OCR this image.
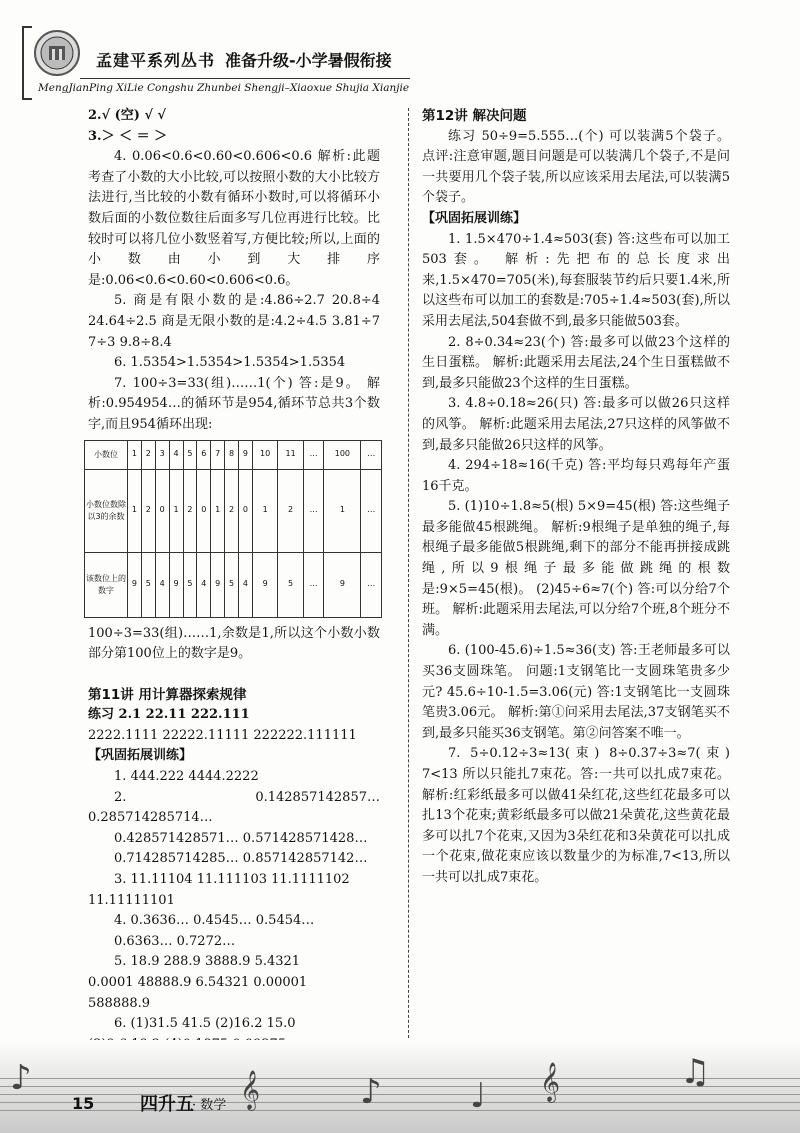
孟建平系列丛书 准备升级-小学暑假衔接
MengJianPing XiLie Congshu Zhunbei Shengji–Xiaoxue Shujia Xianjie

2.√ (空) √ √

3.＞ ＜ ＝ ＞

4. 0.06<0.6<0.60<0.606<0.6 解析:此题考查了小数的大小比较,可以按照小数的大小比较方法进行,当比较的小数有循环小数时,可以将循环小数后面的小数位数往后面多写几位再进行比较。比较时可以将几位小数竖着写,方便比较;所以,上面的小数由小到大排序是:0.06<0.6<0.60<0.606<0.6。

5. 商是有限小数的是:4.86÷2.7 20.8÷4 24.64÷2.5 商是无限小数的是:4.2÷4.5 3.81÷7 7÷3 9.8÷8.4

6. 1.5354>1.5354>1.5354>1.5354

7. 100÷3=33(组)……1(个) 答:是9。 解析:0.954954…的循环节是954,循环节总共3个数字,而且954循环出现:

小数位	1	2	3	4	5	6	7	8	9	10	11	…	100	…
小数位数除以3的余数	1	2	0	1	2	0	1	2	0	1	2	…	1	…
该数位上的数字	9	5	4	9	5	4	9	5	4	9	5	…	9	…

100÷3=33(组)……1,余数是1,所以这个小数小数部分第100位上的数字是9。

第11讲 用计算器探索规律

练习 2.1 22.11 222.111

2222.1111 22222.11111 222222.111111

【巩固拓展训练】

1. 444.222 4444.2222

2. 0.142857142857… 0.285714285714…

0.428571428571… 0.571428571428…

0.714285714285… 0.857142857142…

3. 11.11104 11.111103 11.1111102

11.11111101

4. 0.3636… 0.4545… 0.5454…

0.6363… 0.7272…

5. 18.9 288.9 3888.9 5.4321

0.0001 48888.9 6.54321 0.00001

588888.9

6. (1)31.5 41.5 (2)16.2 15.0

第12讲 解决问题

练习 50÷9=5.555…(个) 可以装满5个袋子。 点评:注意审题,题目问题是可以装满几个袋子,不是问一共要用几个袋子装,所以应该采用去尾法,可以装满5个袋子。

【巩固拓展训练】

1. 1.5×470÷1.4≈503(套) 答:这些布可以加工503套。 解析:先把布的总长度求出来,1.5×470=705(米),每套服装节约后只要1.4米,所以这些布可以加工的套数是:705÷1.4≈503(套),所以采用去尾法,504套做不到,最多只能做503套。

2. 8÷0.34≈23(个) 答:最多可以做23个这样的生日蛋糕。 解析:此题采用去尾法,24个生日蛋糕做不到,最多只能做23个这样的生日蛋糕。

3. 4.8÷0.18≈26(只) 答:最多可以做26只这样的风筝。 解析:此题采用去尾法,27只这样的风筝做不到,最多只能做26只这样的风筝。

4. 294÷18≈16(千克) 答:平均每只鸡每年产蛋16千克。

5. (1)10÷1.8≈5(根) 5×9=45(根) 答:这些绳子最多能做45根跳绳。 解析:9根绳子是单独的绳子,每根绳子最多能做5根跳绳,剩下的部分不能再拼接成跳绳,所以9根绳子最多能做跳绳的根数是:9×5=45(根)。 (2)45÷6≈7(个) 答:可以分给7个班。 解析:此题采用去尾法,可以分给7个班,8个班分不满。

6. (100-45.6)÷1.5≈36(支) 答:王老师最多可以买36支圆珠笔。 问题:1支钢笔比一支圆珠笔贵多少元? 45.6÷10-1.5=3.06(元) 答:1支钢笔比一支圆珠笔贵3.06元。 解析:第①问采用去尾法,37支钢笔买不到,最多只能买36支钢笔。第②问答案不唯一。

7. 5÷0.12÷3≈13(束) 8÷0.37÷3≈7(束) 7<13 所以只能扎7束花。答:一共可以扎成7束花。 解析:红彩纸最多可以做41朵红花,这些红花最多可以扎13个花束;黄彩纸最多可以做21朵黄花,这些黄花最多可以扎7个花束,又因为3朵红花和3朵黄花可以扎成一个花束,做花束应该以数量少的为标准,7<13,所以一共可以扎成7束花。

♪	𝄞	♪	♩ 𝄞	♫
15	四升五
· 数学
